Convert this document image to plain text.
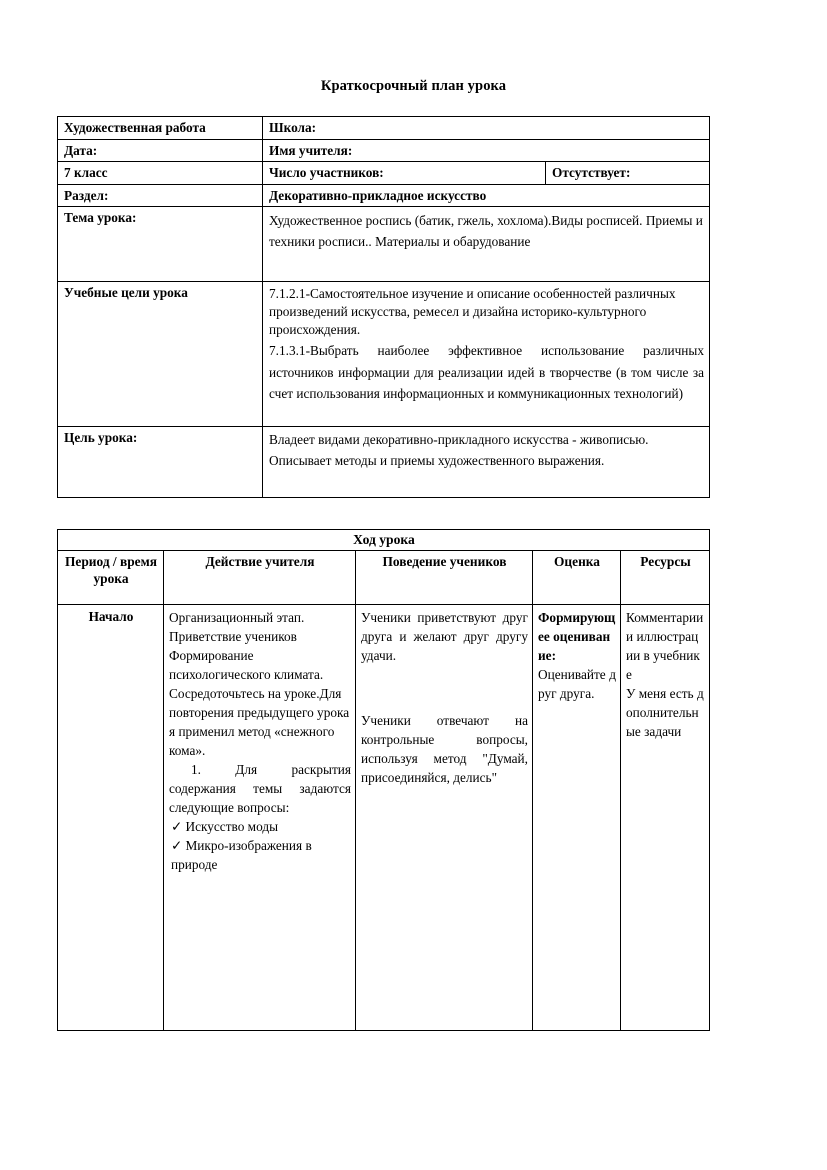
Краткосрочный план урока
Художественная работа	Школа:	
Дата:	Имя учителя:	
7 класс	Число участников:	Отсутствует:
Раздел:	Декоративно-прикладное искусство	
Тема урока:	Художественное роспись (батик, гжель, хохлома).Виды росписей. Приемы и техники росписи.. Материалы и обарудование	
Учебные цели урока	7.1.2.1-Самостоятельное изучение и описание особенностей различных произведений искусства, ремесел и дизайна историко-культурного происхождения.
7.1.3.1-Выбрать наиболее эффективное использование различных источников информации для реализации идей в творчестве (в том числе за счет использования информационных и коммуникационных технологий)	

Цель урока:	Владеет видами декоративно-прикладного искусства - живописью.
Описывает методы и приемы художественного выражения.	
Ход урока				
Период / время урока	Действие учителя	Поведение учеников	Оценка	Ресурсы
Начало	Организационный этап. Приветствие учеников Формирование психологического климата.
Сосредоточьтесь на уроке.Для повторения предыдущего урока я применил метод «снежного кома».
1. Для раскрытия содержания темы задаются следующие вопросы:
✓ Искусство моды
✓ Микро-изображения в природе	Ученики приветствуют друг друга и желают друг другу удачи.
Ученики отвечают на контрольные вопросы, используя метод "Думай, присоединяйся, делись"	Формирующее оценивание:
Оценивайте друг друга.	Комментарии и иллюстрации в учебнике
У меня есть дополнительные задачи
